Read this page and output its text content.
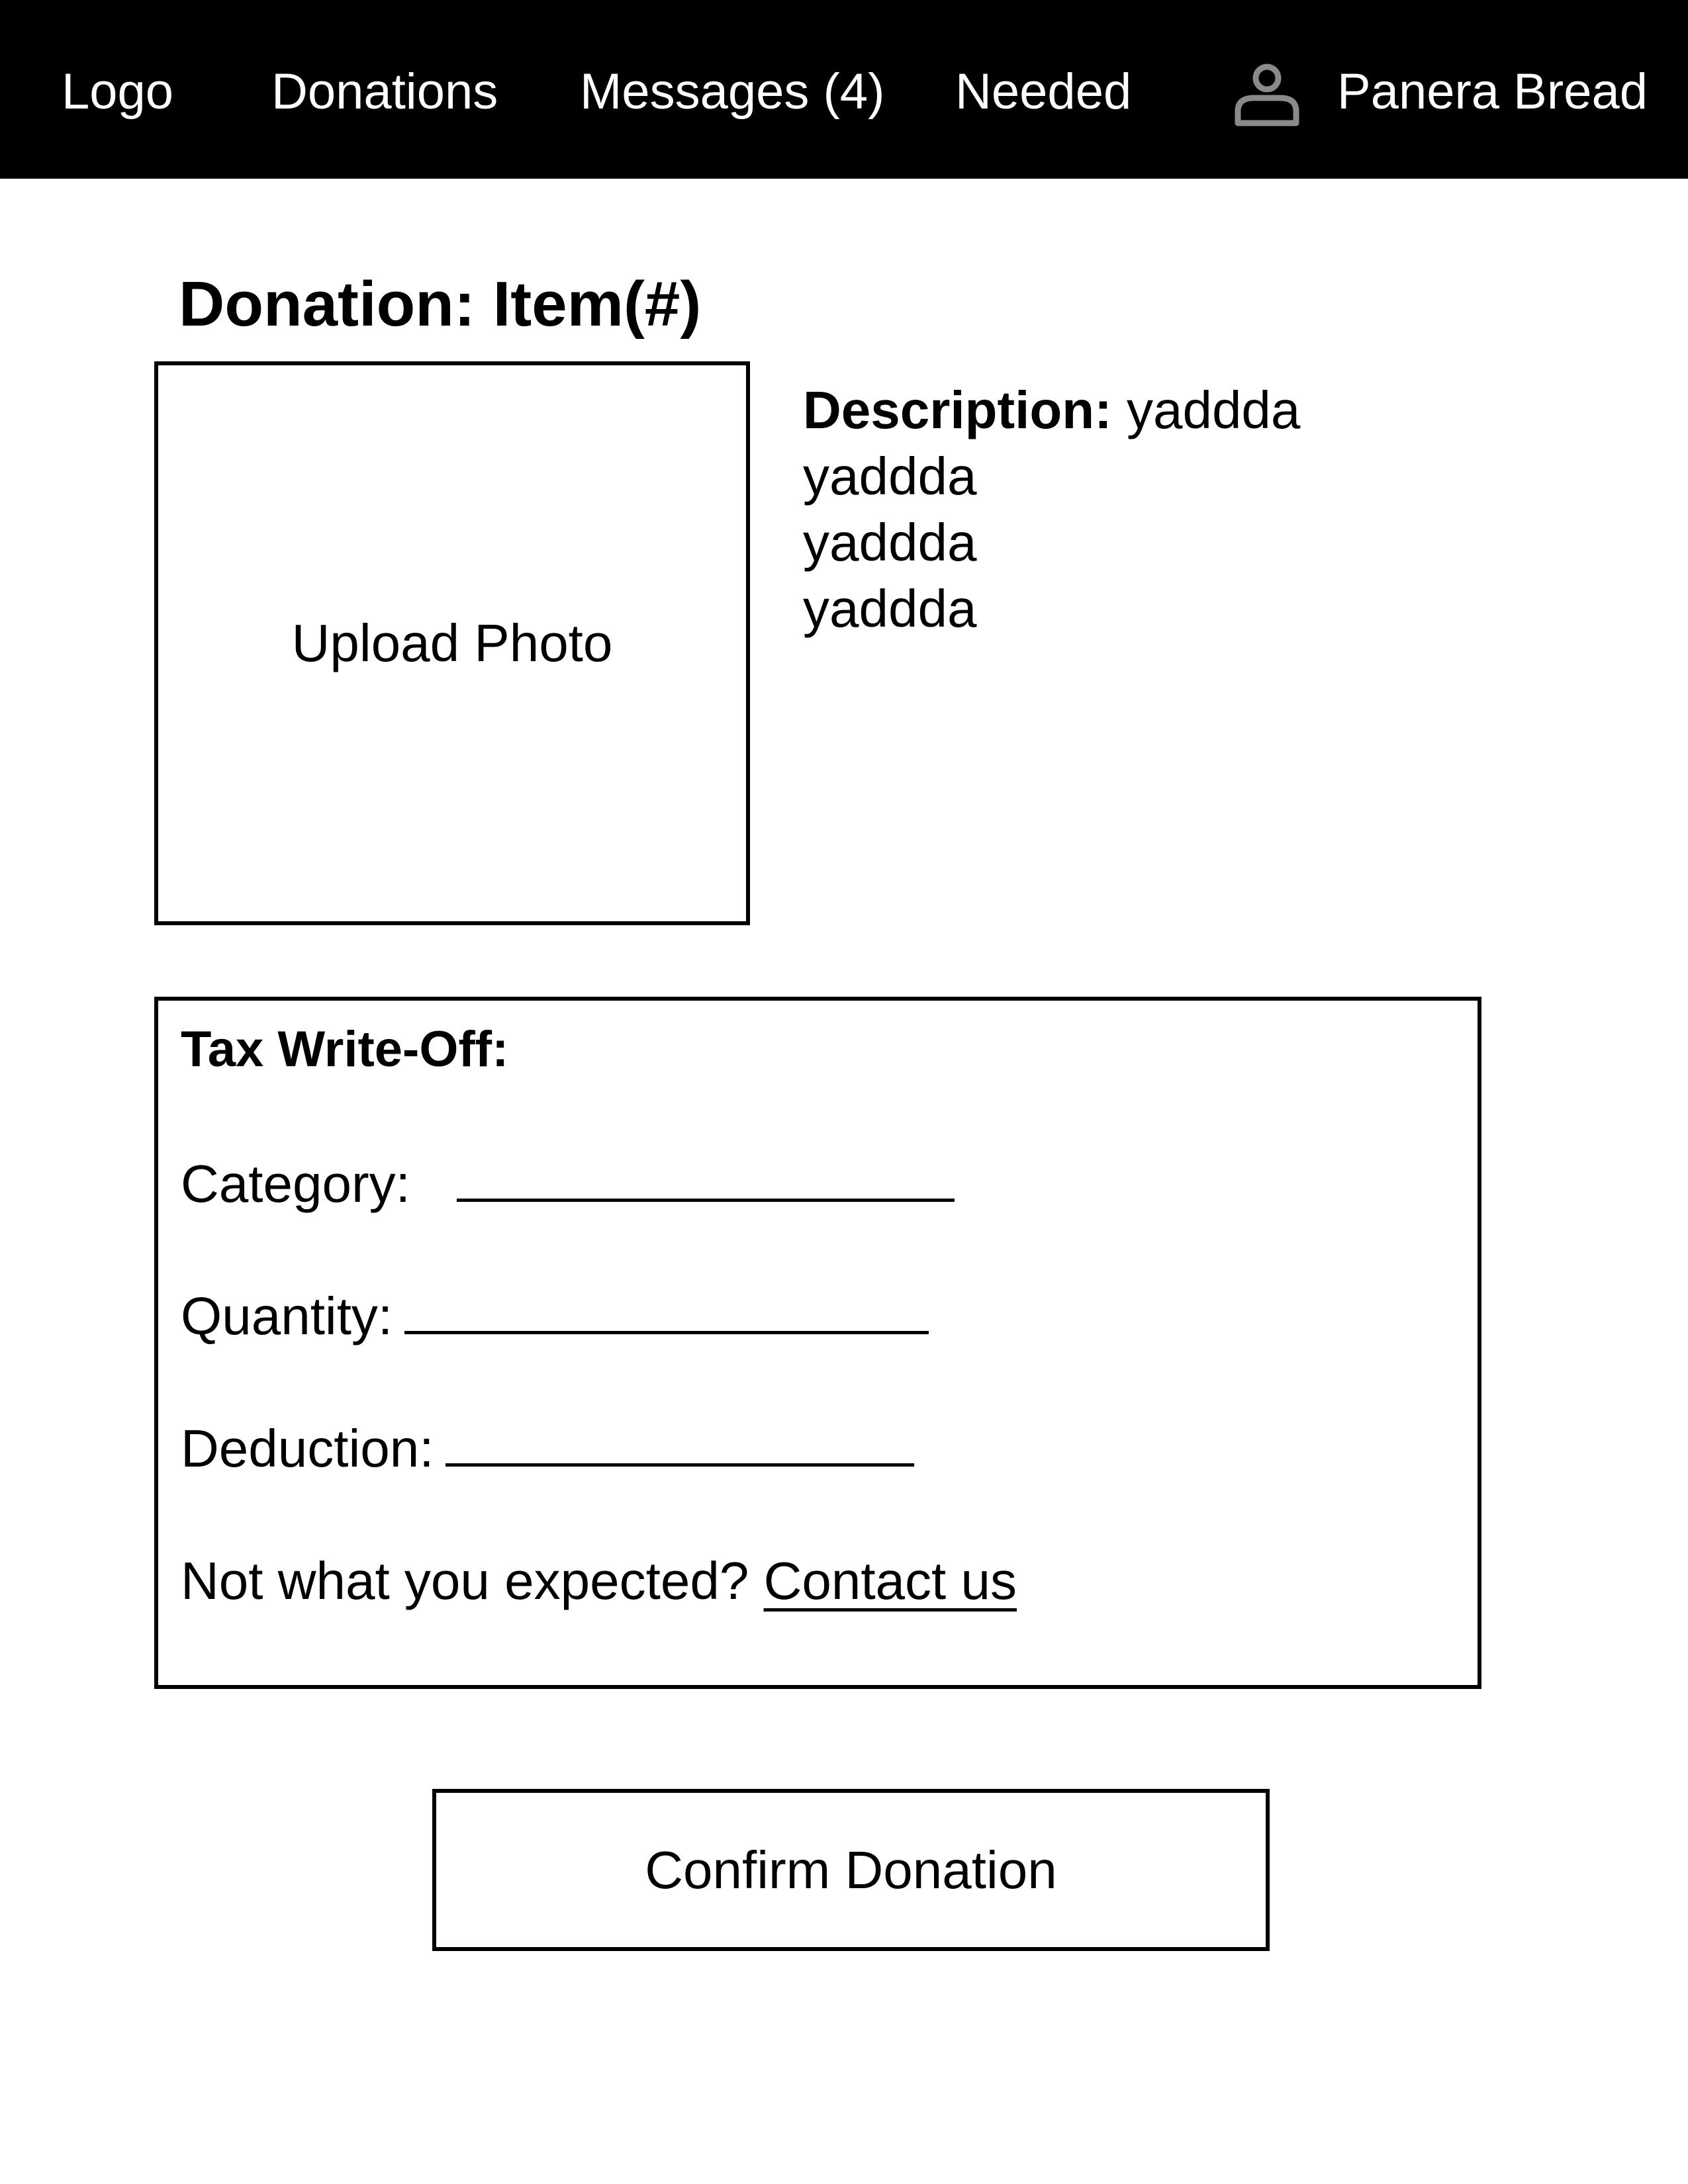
Logo Donations Messages (4) Needed	Panera Bread
Donation: Item(#)
Upload Photo
Description: yaddda
yaddda
yaddda
yaddda
Tax Write-Off:
Category:
Quantity:
Deduction:
Not what you expected? Contact us
Confirm Donation
